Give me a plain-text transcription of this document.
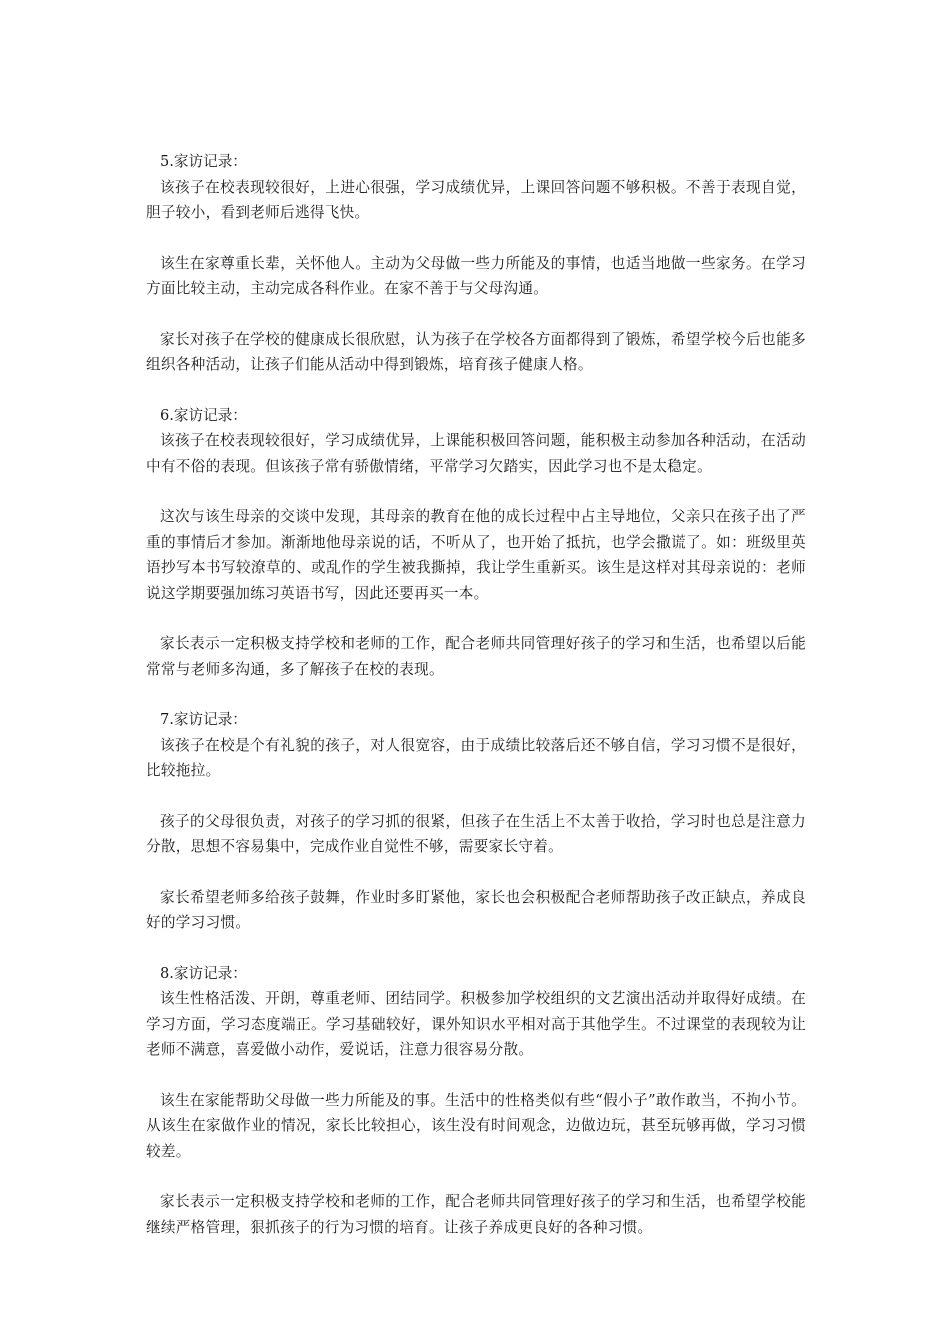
5.家访记录：

该孩子在校表现较很好，上进心很强，学习成绩优异，上课回答问题不够积极。不善于表现自觉，胆子较小，看到老师后逃得飞快。

该生在家尊重长辈，关怀他人。主动为父母做一些力所能及的事情，也适当地做一些家务。在学习方面比较主动，主动完成各科作业。在家不善于与父母沟通。

家长对孩子在学校的健康成长很欣慰，认为孩子在学校各方面都得到了锻炼，希望学校今后也能多组织各种活动，让孩子们能从活动中得到锻炼，培育孩子健康人格。

6.家访记录：

该孩子在校表现较很好，学习成绩优异，上课能积极回答问题，能积极主动参加各种活动，在活动中有不俗的表现。但该孩子常有骄傲情绪，平常学习欠踏实，因此学习也不是太稳定。

这次与该生母亲的交谈中发现，其母亲的教育在他的成长过程中占主导地位，父亲只在孩子出了严重的事情后才参加。渐渐地他母亲说的话，不听从了，也开始了抵抗，也学会撒谎了。如：班级里英语抄写本书写较潦草的、或乱作的学生被我撕掉，我让学生重新买。该生是这样对其母亲说的：老师说这学期要强加练习英语书写，因此还要再买一本。

家长表示一定积极支持学校和老师的工作，配合老师共同管理好孩子的学习和生活，也希望以后能常常与老师多沟通，多了解孩子在校的表现。

7.家访记录：

该孩子在校是个有礼貌的孩子，对人很宽容，由于成绩比较落后还不够自信，学习习惯不是很好，比较拖拉。

孩子的父母很负责，对孩子的学习抓的很紧，但孩子在生活上不太善于收拾，学习时也总是注意力分散，思想不容易集中，完成作业自觉性不够，需要家长守着。

家长希望老师多给孩子鼓舞，作业时多盯紧他，家长也会积极配合老师帮助孩子改正缺点，养成良好的学习习惯。

8.家访记录：

该生性格活泼、开朗，尊重老师、团结同学。积极参加学校组织的文艺演出活动并取得好成绩。在学习方面，学习态度端正。学习基础较好，课外知识水平相对高于其他学生。不过课堂的表现较为让老师不满意，喜爱做小动作，爱说话，注意力很容易分散。

该生在家能帮助父母做一些力所能及的事。生活中的性格类似有些“假小子”敢作敢当，不拘小节。从该生在家做作业的情况，家长比较担心，该生没有时间观念，边做边玩，甚至玩够再做，学习习惯较差。

家长表示一定积极支持学校和老师的工作，配合老师共同管理好孩子的学习和生活，也希望学校能继续严格管理，狠抓孩子的行为习惯的培育。让孩子养成更良好的各种习惯。
